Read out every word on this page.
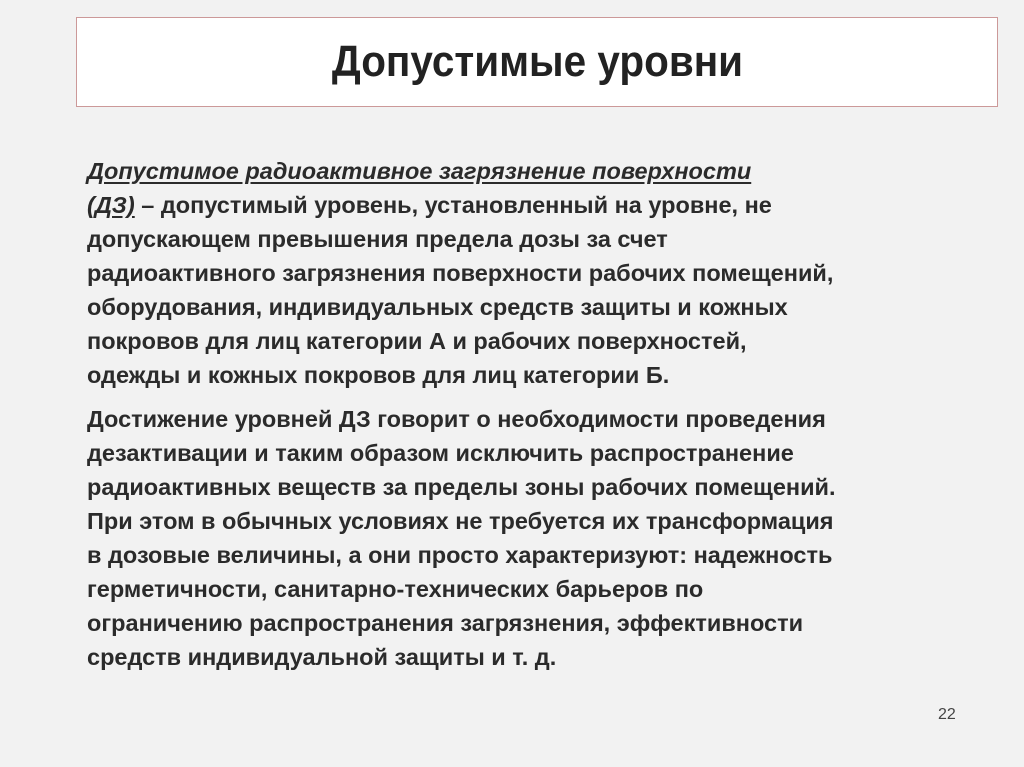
Допустимые уровни

Допустимое радиоактивное загрязнение поверхности
(ДЗ) – допустимый уровень, установленный на уровне, не
допускающем превышения предела дозы за счет
радиоактивного загрязнения поверхности рабочих помещений,
оборудования, индивидуальных средств защиты и кожных
покровов для лиц категории А и рабочих поверхностей,
одежды и кожных покровов для лиц категории Б.

Достижение уровней ДЗ говорит о необходимости проведения
дезактивации и таким образом исключить распространение
радиоактивных веществ за пределы зоны рабочих помещений.
При этом в обычных условиях не требуется их трансформация
в дозовые величины, а они просто характеризуют: надежность
герметичности, санитарно-технических барьеров по
ограничению распространения загрязнения, эффективности
средств индивидуальной защиты и т. д.

22
